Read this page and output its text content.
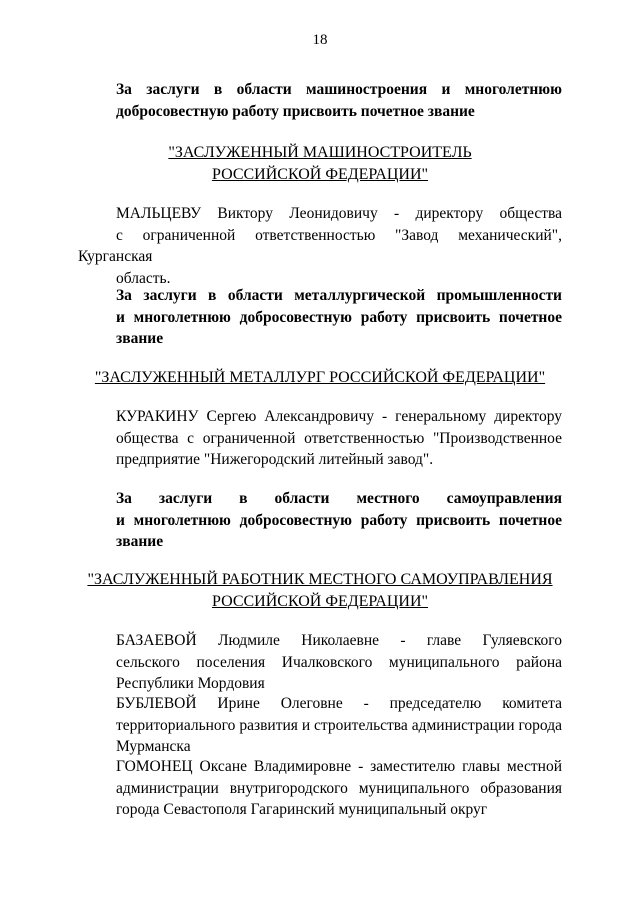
18
За заслуги в области машиностроения и многолетнюю
добросовестную работу присвоить почетное звание
"ЗАСЛУЖЕННЫЙ МАШИНОСТРОИТЕЛЬ
РОССИЙСКОЙ ФЕДЕРАЦИИ"
МАЛЬЦЕВУ Виктору Леонидовичу - директору общества
с ограниченной ответственностью "Завод механический", Курганская
область.
За заслуги в области металлургической промышленности
и многолетнюю добросовестную работу присвоить почетное
звание
"ЗАСЛУЖЕННЫЙ МЕТАЛЛУРГ РОССИЙСКОЙ ФЕДЕРАЦИИ"
КУРАКИНУ Сергею Александровичу - генеральному директору
общества с ограниченной ответственностью "Производственное
предприятие "Нижегородский литейный завод".
За заслуги в области местного самоуправления
и многолетнюю добросовестную работу присвоить почетное
звание
"ЗАСЛУЖЕННЫЙ РАБОТНИК МЕСТНОГО САМОУПРАВЛЕНИЯ
РОССИЙСКОЙ ФЕДЕРАЦИИ"
БАЗАЕВОЙ Людмиле Николаевне - главе Гуляевского
сельского поселения Ичалковского муниципального района
Республики Мордовия
БУБЛЕВОЙ Ирине Олеговне - председателю комитета
территориального развития и строительства администрации города
Мурманска
ГОМОНЕЦ Оксане Владимировне - заместителю главы местной
администрации внутригородского муниципального образования
города Севастополя Гагаринский муниципальный округ
